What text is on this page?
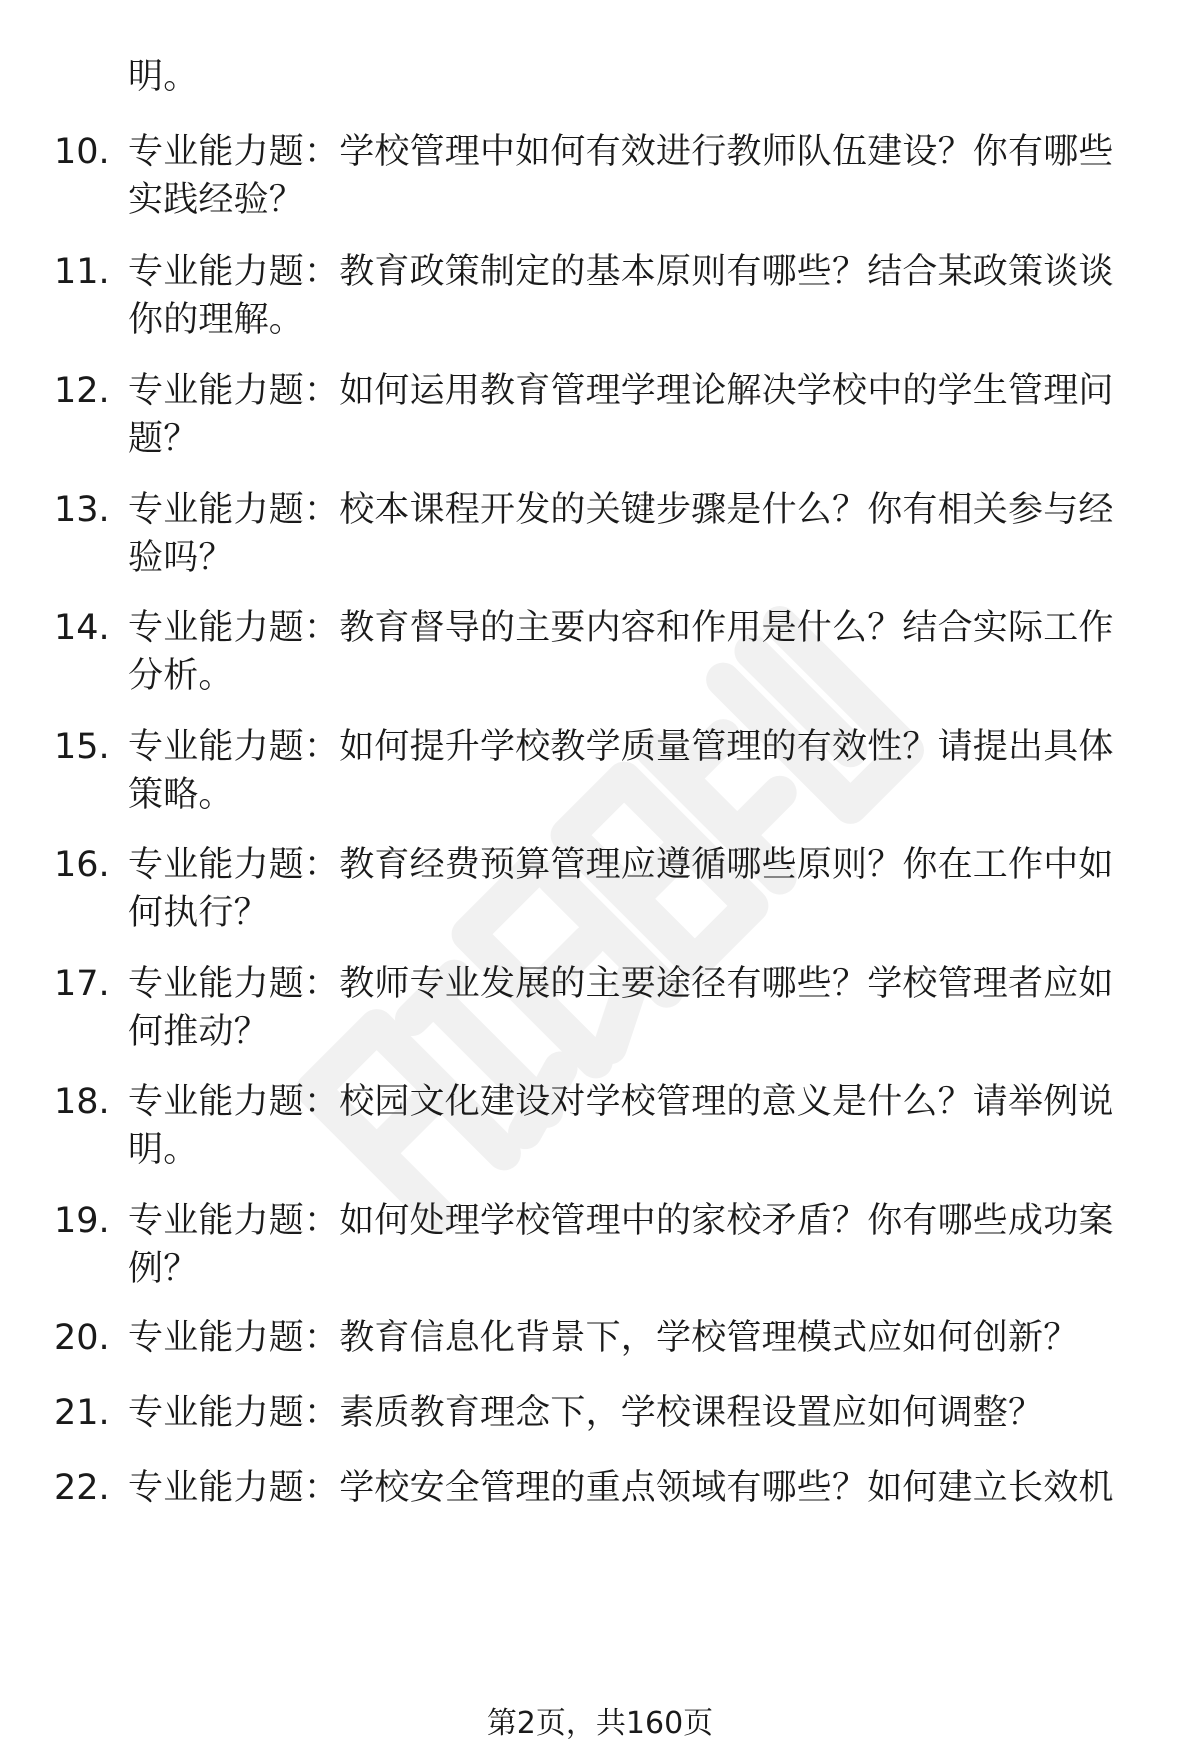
明。
10. 专业能力题：学校管理中如何有效进行教师队伍建设？你有哪些实践经验？
11. 专业能力题：教育政策制定的基本原则有哪些？结合某政策谈谈你的理解。
12. 专业能力题：如何运用教育管理学理论解决学校中的学生管理问题？
13. 专业能力题：校本课程开发的关键步骤是什么？你有相关参与经验吗？
14. 专业能力题：教育督导的主要内容和作用是什么？结合实际工作分析。
15. 专业能力题：如何提升学校教学质量管理的有效性？请提出具体策略。
16. 专业能力题：教育经费预算管理应遵循哪些原则？你在工作中如何执行？
17. 专业能力题：教师专业发展的主要途径有哪些？学校管理者应如何推动？
18. 专业能力题：校园文化建设对学校管理的意义是什么？请举例说明。
19. 专业能力题：如何处理学校管理中的家校矛盾？你有哪些成功案例？
20. 专业能力题：教育信息化背景下，学校管理模式应如何创新？
21. 专业能力题：素质教育理念下，学校课程设置应如何调整？
22. 专业能力题：学校安全管理的重点领域有哪些？如何建立长效机
第2页，共160页
